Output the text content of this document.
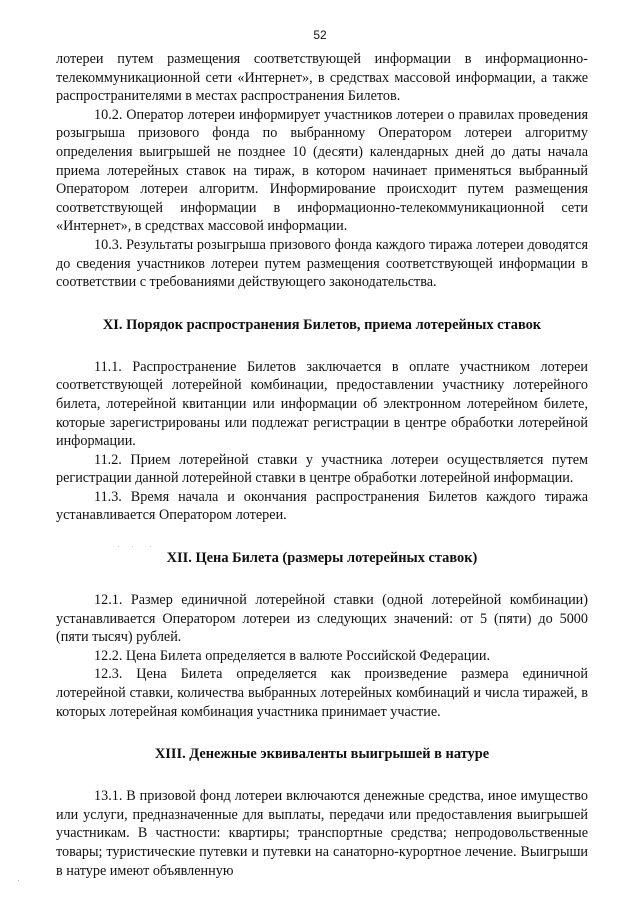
52

лотереи путем размещения соответствующей информации в информационно-телекоммуникационной сети «Интернет», в средствах массовой информации, а также распространителями в местах распространения Билетов.

10.2. Оператор лотереи информирует участников лотереи о правилах проведения розыгрыша призового фонда по выбранному Оператором лотереи алгоритму определения выигрышей не позднее 10 (десяти) календарных дней до даты начала приема лотерейных ставок на тираж, в котором начинает применяться выбранный Оператором лотереи алгоритм. Информирование происходит путем размещения соответствующей информации в информационно-телекоммуникационной сети «Интернет», в средствах массовой информации.

10.3. Результаты розыгрыша призового фонда каждого тиража лотереи доводятся до сведения участников лотереи путем размещения соответствующей информации в соответствии с требованиями действующего законодательства.

XI. Порядок распространения Билетов, приема лотерейных ставок

11.1. Распространение Билетов заключается в оплате участником лотереи соответствующей лотерейной комбинации, предоставлении участнику лотерейного билета, лотерейной квитанции или информации об электронном лотерейном билете, которые зарегистрированы или подлежат регистрации в центре обработки лотерейной информации.

11.2. Прием лотерейной ставки у участника лотереи осуществляется путем регистрации данной лотерейной ставки в центре обработки лотерейной информации.

11.3. Время начала и окончания распространения Билетов каждого тиража устанавливается Оператором лотереи.

XII. Цена Билета (размеры лотерейных ставок)

12.1. Размер единичной лотерейной ставки (одной лотерейной комбинации) устанавливается Оператором лотереи из следующих значений: от 5 (пяти) до 5000 (пяти тысяч) рублей.

12.2. Цена Билета определяется в валюте Российской Федерации.

12.3. Цена Билета определяется как произведение размера единичной лотерейной ставки, количества выбранных лотерейных комбинаций и числа тиражей, в которых лотерейная комбинация участника принимает участие.

XIII. Денежные эквиваленты выигрышей в натуре

13.1. В призовой фонд лотереи включаются денежные средства, иное имущество или услуги, предназначенные для выплаты, передачи или предоставления выигрышей участникам. В частности: квартиры; транспортные средства; непродовольственные товары; туристические путевки и путевки на санаторно-курортное лечение. Выигрыши в натуре имеют объявленную
